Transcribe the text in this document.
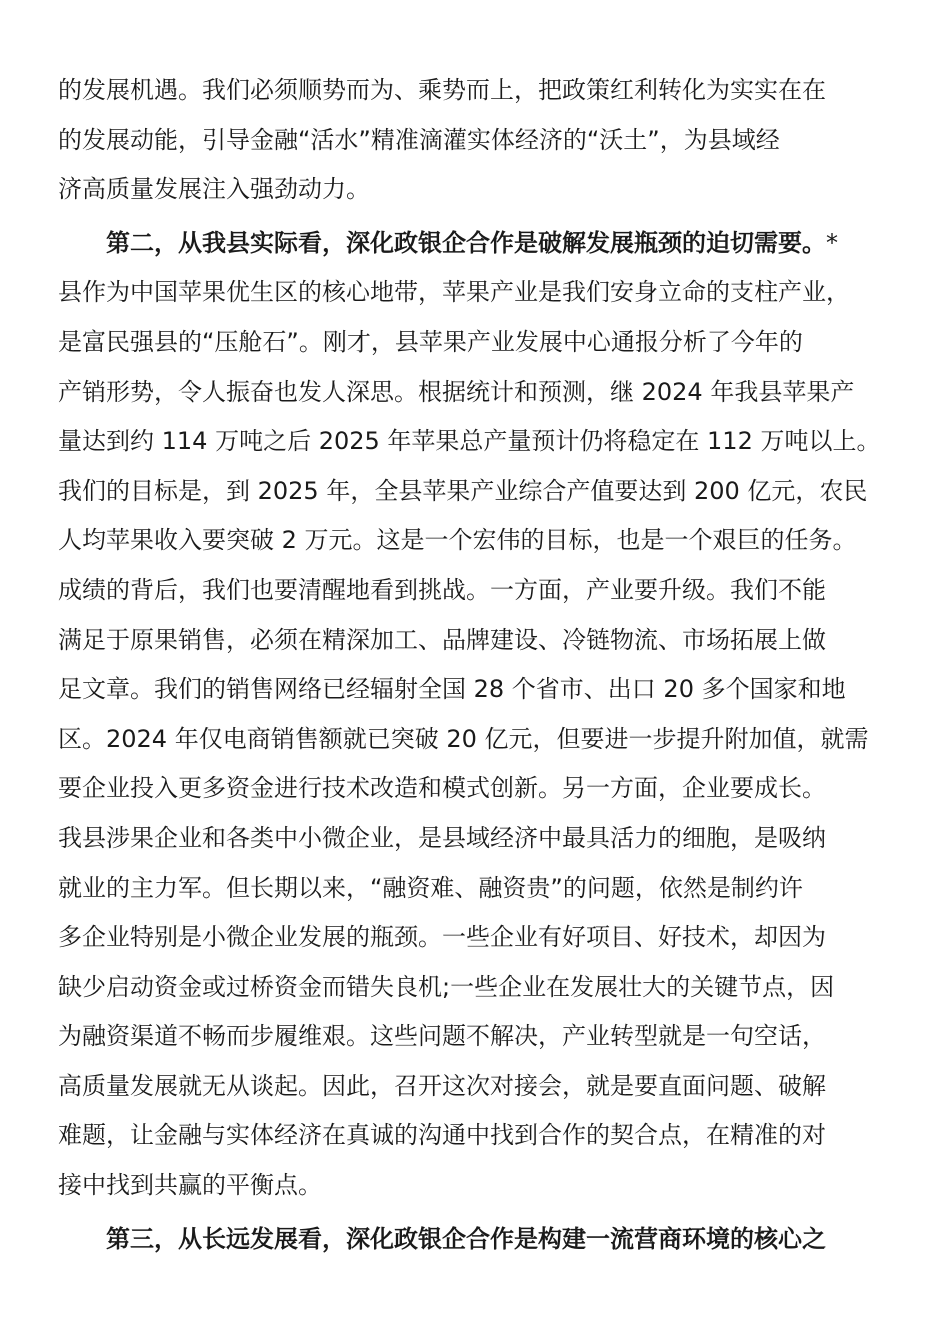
的发展机遇。我们必须顺势而为、乘势而上，把政策红利转化为实实在在
的发展动能，引导金融“活水”精准滴灌实体经济的“沃土”，为县域经
济高质量发展注入强劲动力。
第二，从我县实际看，深化政银企合作是破解发展瓶颈的迫切需要。*
县作为中国苹果优生区的核心地带，苹果产业是我们安身立命的支柱产业，
是富民强县的“压舱石”。刚才，县苹果产业发展中心通报分析了今年的
产销形势，令人振奋也发人深思。根据统计和预测，继 2024 年我县苹果产
量达到约 114 万吨之后 2025 年苹果总产量预计仍将稳定在 112 万吨以上。
我们的目标是，到 2025 年，全县苹果产业综合产值要达到 200 亿元，农民
人均苹果收入要突破 2 万元。这是一个宏伟的目标，也是一个艰巨的任务。
成绩的背后，我们也要清醒地看到挑战。一方面，产业要升级。我们不能
满足于原果销售，必须在精深加工、品牌建设、冷链物流、市场拓展上做
足文章。我们的销售网络已经辐射全国 28 个省市、出口 20 多个国家和地
区。2024 年仅电商销售额就已突破 20 亿元，但要进一步提升附加值，就需
要企业投入更多资金进行技术改造和模式创新。另一方面，企业要成长。
我县涉果企业和各类中小微企业，是县域经济中最具活力的细胞，是吸纳
就业的主力军。但长期以来，“融资难、融资贵”的问题，依然是制约许
多企业特别是小微企业发展的瓶颈。一些企业有好项目、好技术，却因为
缺少启动资金或过桥资金而错失良机;一些企业在发展壮大的关键节点，因
为融资渠道不畅而步履维艰。这些问题不解决，产业转型就是一句空话，
高质量发展就无从谈起。因此，召开这次对接会，就是要直面问题、破解
难题，让金融与实体经济在真诚的沟通中找到合作的契合点，在精准的对
接中找到共赢的平衡点。
第三，从长远发展看，深化政银企合作是构建一流营商环境的核心之
